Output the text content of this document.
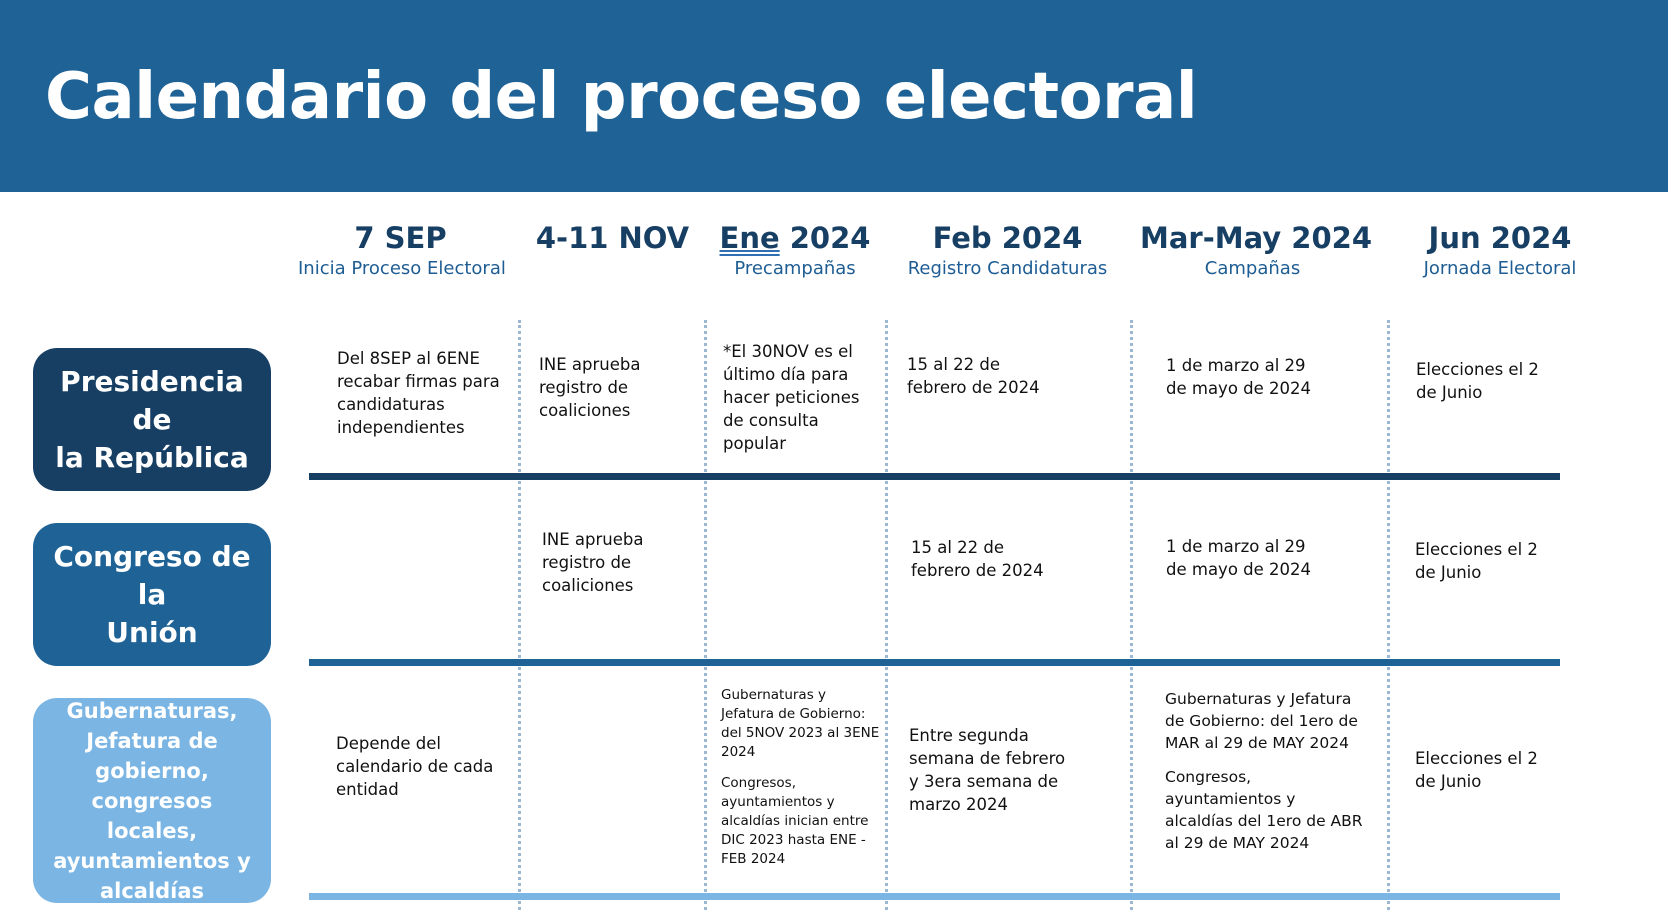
Calendario del proceso electoral
7 SEP
Inicia Proceso Electoral
4-11 NOV	Ene 2024
Precampañas
Feb 2024
Registro Candidaturas
Mar-May 2024
Campañas
Jun 2024
Jornada Electoral
Presidencia de
la República
Congreso de la
Unión
Gubernaturas, Jefatura de gobierno, congresos locales, ayuntamientos y alcaldías
Del 8SEP al 6ENE recabar firmas para candidaturas independientes
INE aprueba registro de coaliciones
*El 30NOV es el último día para hacer peticiones de consulta popular
15 al 22 de febrero de 2024
1 de marzo al 29 de mayo de 2024
Elecciones el 2 de Junio
INE aprueba registro de coaliciones
15 al 22 de febrero de 2024
1 de marzo al 29 de mayo de 2024
Elecciones el 2 de Junio
Depende del calendario de cada entidad
Gubernaturas y Jefatura de Gobierno: del 5NOV 2023 al 3ENE 2024
Congresos, ayuntamientos y alcaldías inician entre DIC 2023 hasta ENE - FEB 2024
Entre segunda semana de febrero y 3era semana de marzo 2024
Gubernaturas y Jefatura de Gobierno: del 1ero de MAR al 29 de MAY 2024
Congresos, ayuntamientos y alcaldías del 1ero de ABR al 29 de MAY 2024
Elecciones el 2 de Junio
